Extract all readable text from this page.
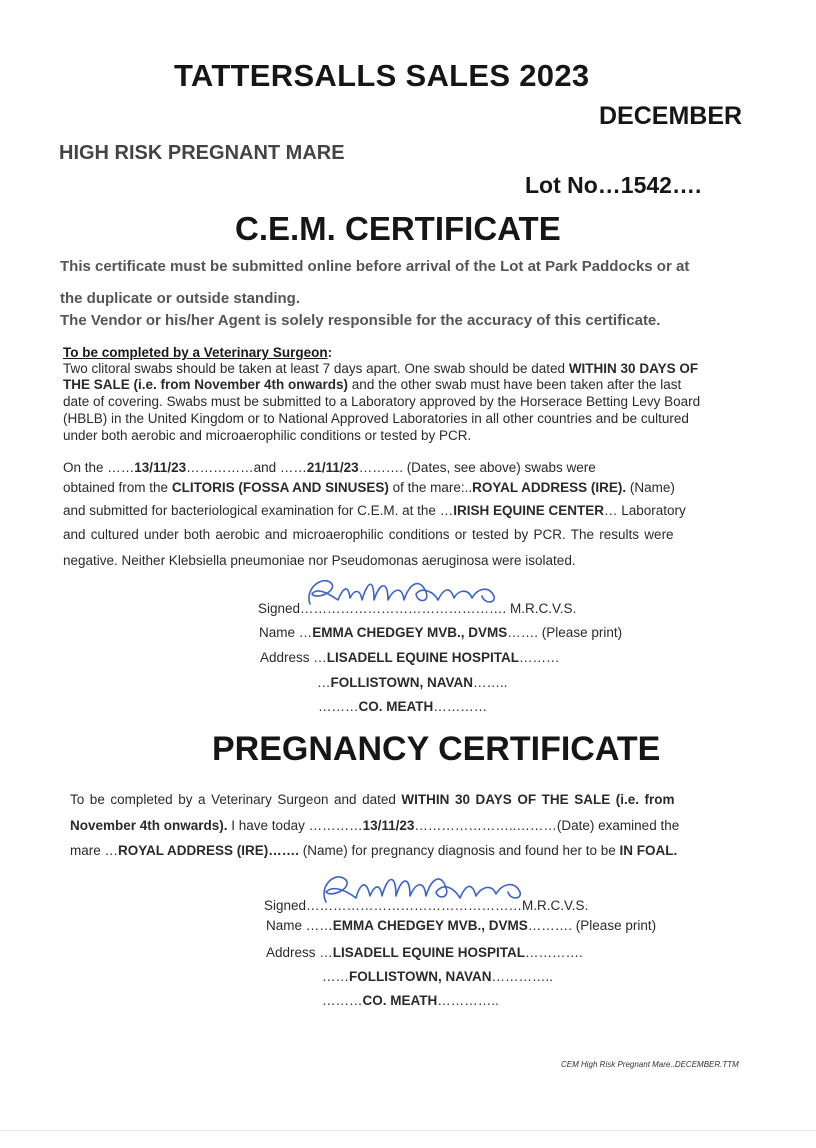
TATTERSALLS SALES 2023
DECEMBER
HIGH RISK PREGNANT MARE
Lot No…1542….
C.E.M. CERTIFICATE
This certificate must be submitted online before arrival of the Lot at Park Paddocks or at
the duplicate or outside standing.
The Vendor or his/her Agent is solely responsible for the accuracy of this certificate.
To be completed by a Veterinary Surgeon:
Two clitoral swabs should be taken at least 7 days apart. One swab should be dated WITHIN 30 DAYS OF
THE SALE (i.e. from November 4th onwards) and the other swab must have been taken after the last
date of covering. Swabs must be submitted to a Laboratory approved by the Horserace Betting Levy Board
(HBLB) in the United Kingdom or to National Approved Laboratories in all other countries and be cultured
under both aerobic and microaerophilic conditions or tested by PCR.
On the ……13/11/23……………and ……21/11/23………. (Dates, see above) swabs were
obtained from the CLITORIS (FOSSA AND SINUSES) of the mare:..ROYAL ADDRESS (IRE). (Name)
and submitted for bacteriological examination for C.E.M. at the …IRISH EQUINE CENTER… Laboratory
and cultured under both aerobic and microaerophilic conditions or tested by PCR. The results were
negative. Neither Klebsiella pneumoniae nor Pseudomonas aeruginosa were isolated.
Signed………………………………………. M.R.C.V.S.
Name …EMMA CHEDGEY MVB., DVMS……. (Please print)
Address …LISADELL EQUINE HOSPITAL………
…FOLLISTOWN, NAVAN……..
………CO. MEATH…………
PREGNANCY CERTIFICATE
To be completed by a Veterinary Surgeon and dated WITHIN 30 DAYS OF THE SALE (i.e. from
November 4th onwards). I have today …………13/11/23…………………..………(Date) examined the
mare …ROYAL ADDRESS (IRE)……. (Name) for pregnancy diagnosis and found her to be IN FOAL.
Signed…………………………………………M.R.C.V.S.
Name ……EMMA CHEDGEY MVB., DVMS………. (Please print)
Address …LISADELL EQUINE HOSPITAL………….
……FOLLISTOWN, NAVAN…………..
………CO. MEATH…………..
CEM High Risk Pregnant Mare..DECEMBER.TTM
